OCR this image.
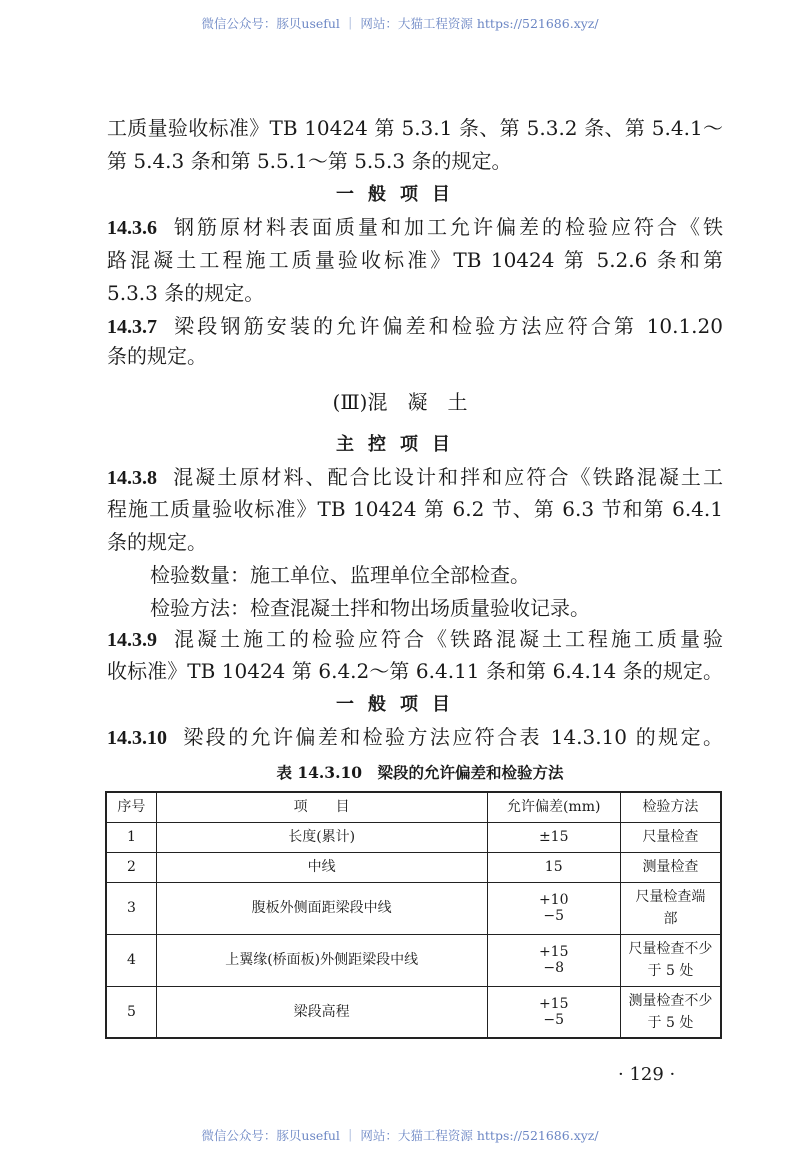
微信公众号：豚贝useful ｜ 网站：大猫工程资源 https://521686.xyz/
工质量验收标准》TB 10424 第 5.3.1 条、第 5.3.2 条、第 5.4.1～
第 5.4.3 条和第 5.5.1～第 5.5.3 条的规定。
一般项目
14.3.6 钢筋原材料表面质量和加工允许偏差的检验应符合《铁
路混凝土工程施工质量验收标准》TB 10424 第 5.2.6 条和第
5.3.3 条的规定。
14.3.7 梁段钢筋安装的允许偏差和检验方法应符合第 10.1.20
条的规定。
(Ⅲ)混　凝　土
主控项目
14.3.8 混凝土原材料、配合比设计和拌和应符合《铁路混凝土工
程施工质量验收标准》TB 10424 第 6.2 节、第 6.3 节和第 6.4.1
条的规定。
检验数量：施工单位、监理单位全部检查。
检验方法：检查混凝土拌和物出场质量验收记录。
14.3.9 混凝土施工的检验应符合《铁路混凝土工程施工质量验
收标准》TB 10424 第 6.4.2～第 6.4.11 条和第 6.4.14 条的规定。
一般项目
14.3.10 梁段的允许偏差和检验方法应符合表 14.3.10 的规定。
表 14.3.10　梁段的允许偏差和检验方法
序号	项　　目	允许偏差(mm)	检验方法
1	长度(累计)	±15	尺量检查
2	中线	15	测量检查
3	腹板外侧面距梁段中线	+10
−5	尺量检查端部
4	上翼缘(桥面板)外侧距梁段中线	+15
−8	尺量检查不少于 5 处
5	梁段高程	+15
−5	测量检查不少于 5 处
· 129 ·
微信公众号：豚贝useful ｜ 网站：大猫工程资源 https://521686.xyz/
